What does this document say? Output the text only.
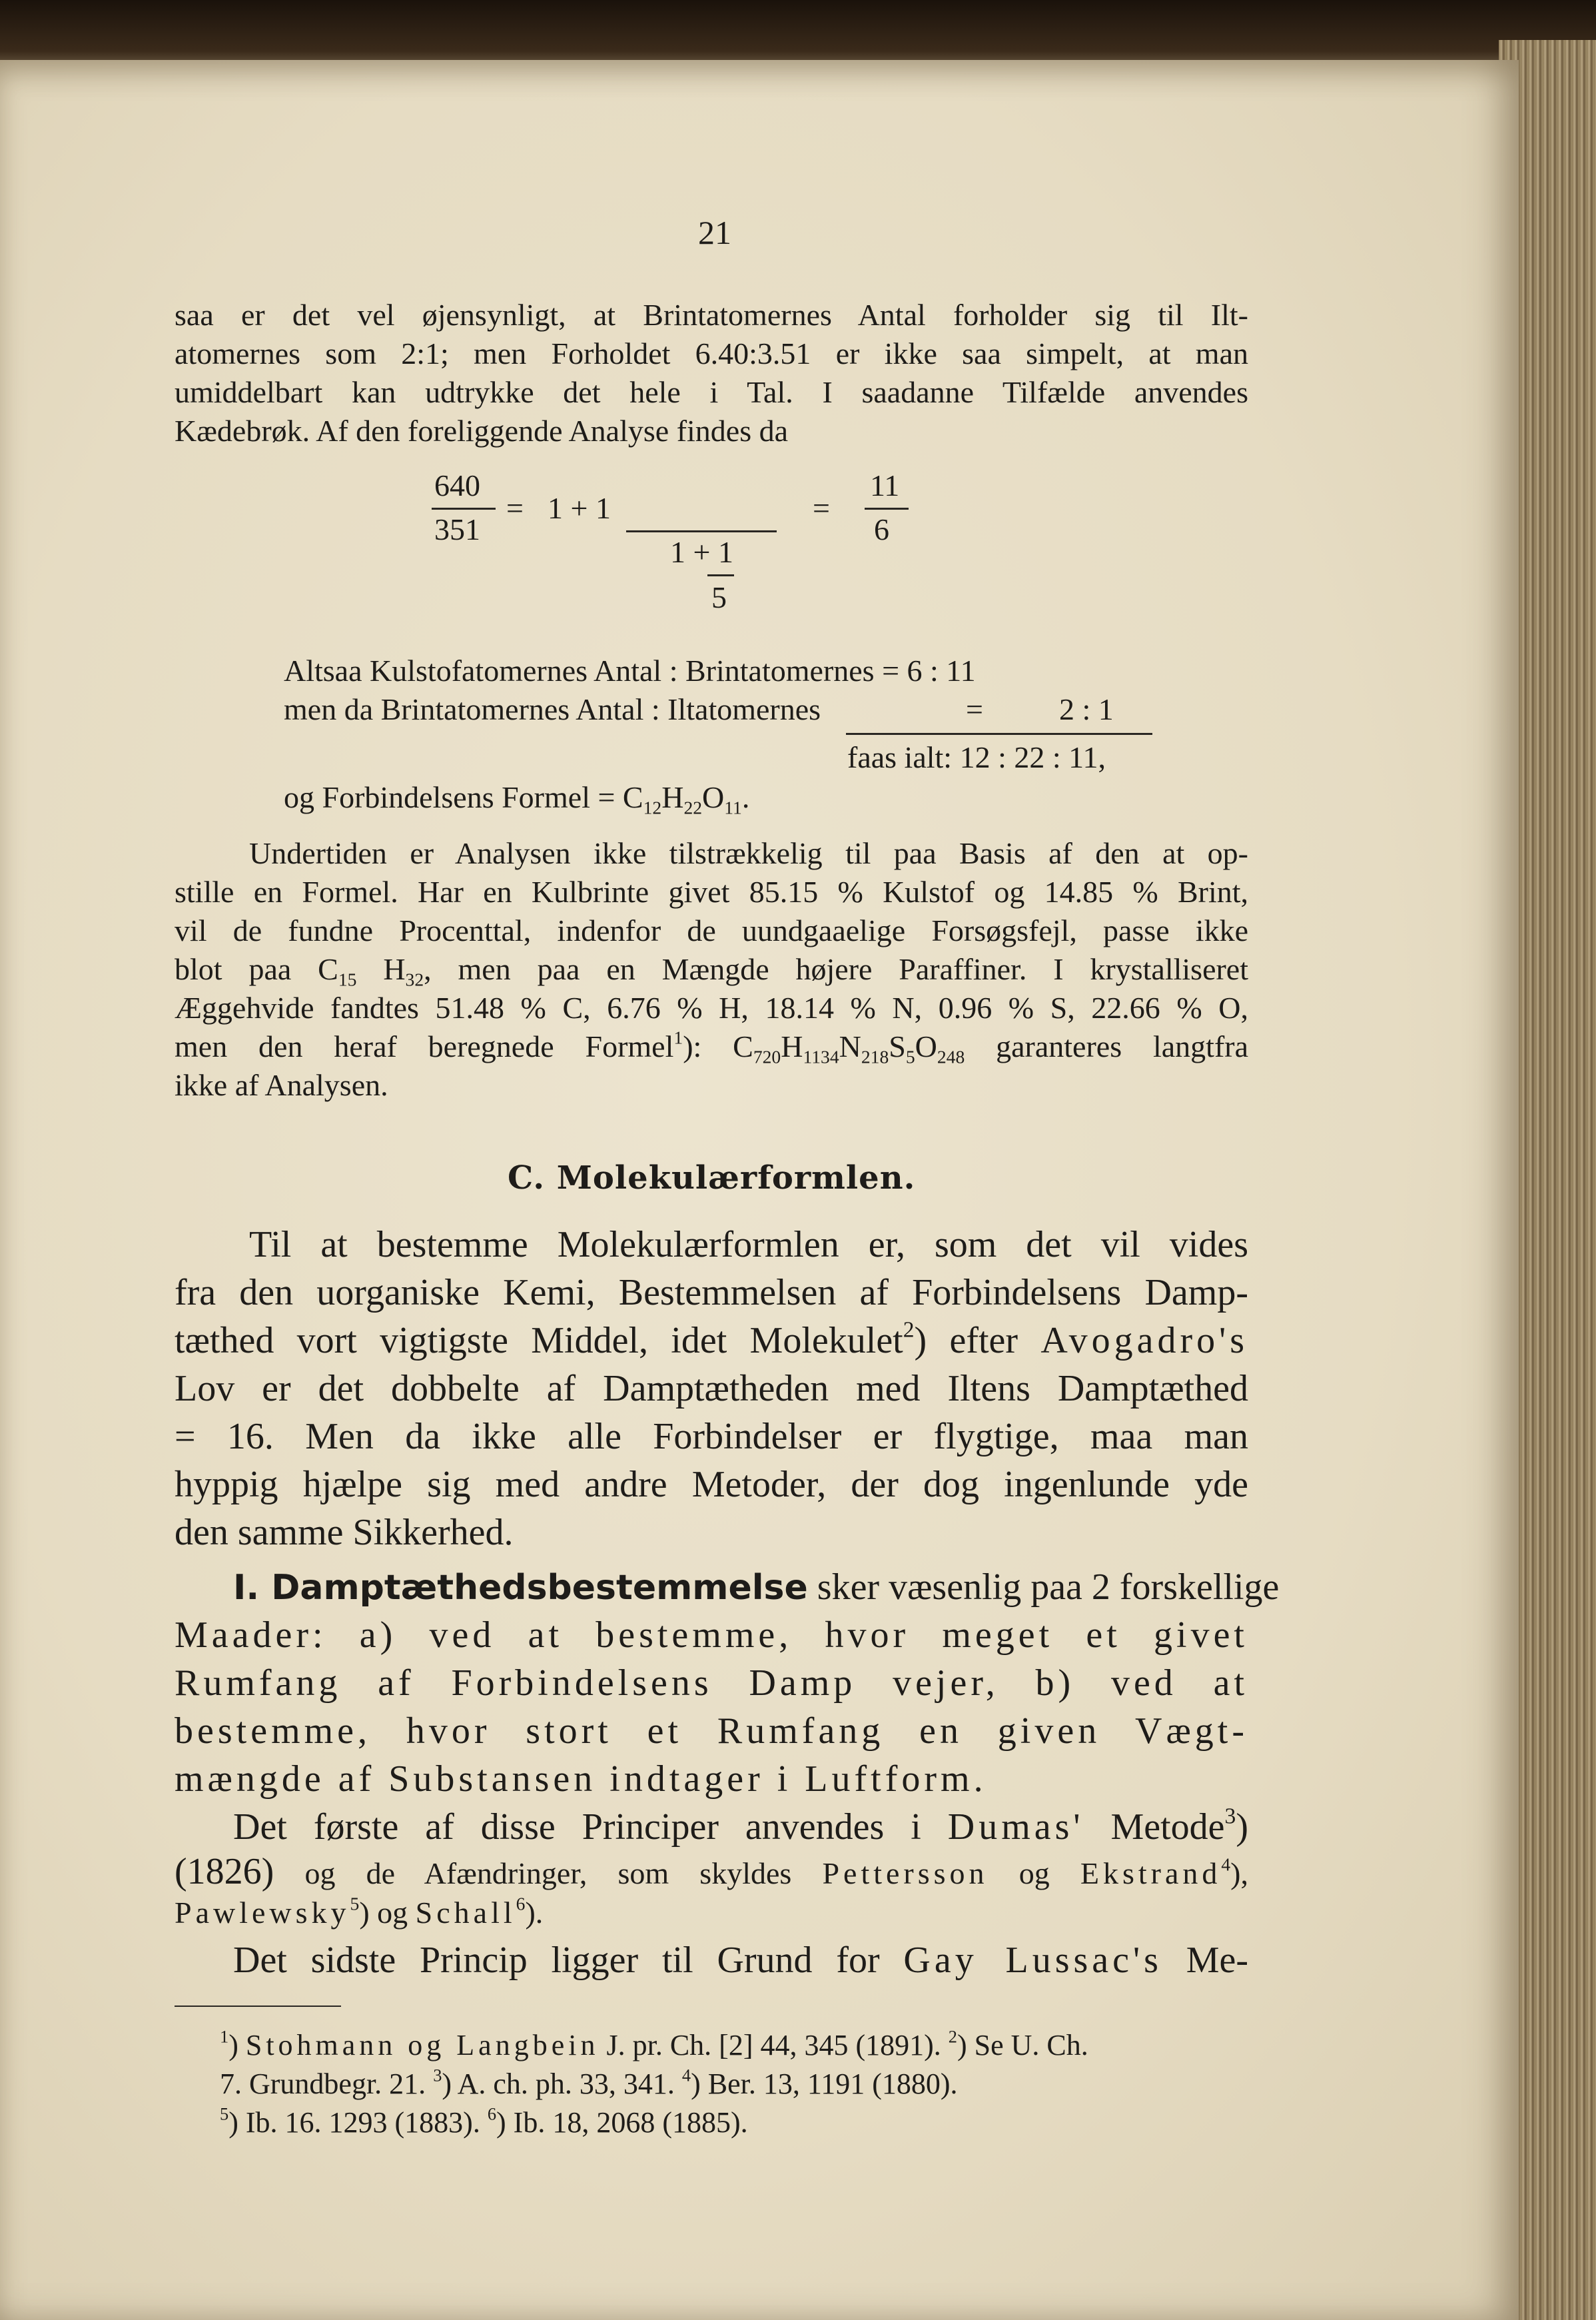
21
saa er det vel øjensynligt, at Brintatomernes Antal forholder sig til Ilt-
atomernes som 2:1; men Forholdet 6.40:3.51 er ikke saa simpelt, at man
umiddelbart kan udtrykke det hele i Tal. I saadanne Tilfælde anvendes
Kædebrøk. Af den foreliggende Analyse findes da
640
351
= 1 + 1
1 + 1
5
=
11
6
Altsaa Kulstofatomernes Antal : Brintatomernes = 6 : 11
men da Brintatomernes Antal : Iltatomernes	= 2 : 1
faas ialt: 12 : 22 : 11,
og Forbindelsens Formel = $C_{12}H_{22}O_{11}$.
Undertiden er Analysen ikke tilstrækkelig til paa Basis af den at op-
stille en Formel. Har en Kulbrinte givet 85.15 % Kulstof og 14.85 % Brint,
vil de fundne Procenttal, indenfor de uundgaaelige Forsøgsfejl, passe ikke
blot paa $C_{15}$ $H_{32}$, men paa en Mængde højere Paraffiner. I krystalliseret
Æggehvide fandtes 51.48 % C, 6.76 % H, 18.14 % N, 0.96 % S, 22.66 % O,
men den heraf beregnede Formel$^1$): $C_{720}H_{1134}N_{218}S_5O_{248}$ garanteres langtfra
ikke af Analysen.
C. Molekulærformlen.
Til at bestemme Molekulærformlen er, som det vil vides
fra den uorganiske Kemi, Bestemmelsen af Forbindelsens Damp-
tæthed vort vigtigste Middel, idet Molekulet$^2$) efter Avogadro's
Lov er det dobbelte af Damptætheden med Iltens Damptæthed
= 16. Men da ikke alle Forbindelser er flygtige, maa man
hyppig hjælpe sig med andre Metoder, der dog ingenlunde yde
den samme Sikkerhed.
I. Damptæthedsbestemmelse sker væsenlig paa 2 forskellige
Maader: a) ved at bestemme, hvor meget et givet
Rumfang af Forbindelsens Damp vejer, b) ved at
bestemme, hvor stort et Rumfang en given Vægt-
mængde af Substansen indtager i Luftform.
Det første af disse Principer anvendes i Dumas' Metode$^3$)
(1826) og de Afændringer, som skyldes Pettersson og Ekstrand$^4$),
Pawlewsky$^5$) og Schall$^6$).
Det sidste Princip ligger til Grund for Gay Lussac's Me-
$^1$) Stohmann og Langbein J. pr. Ch. [2] 44, 345 (1891). $^2$) Se U. Ch.
7. Grundbegr. 21. $^3$) A. ch. ph. 33, 341. $^4$) Ber. 13, 1191 (1880).
$^5$) Ib. 16. 1293 (1883). $^6$) Ib. 18, 2068 (1885).
